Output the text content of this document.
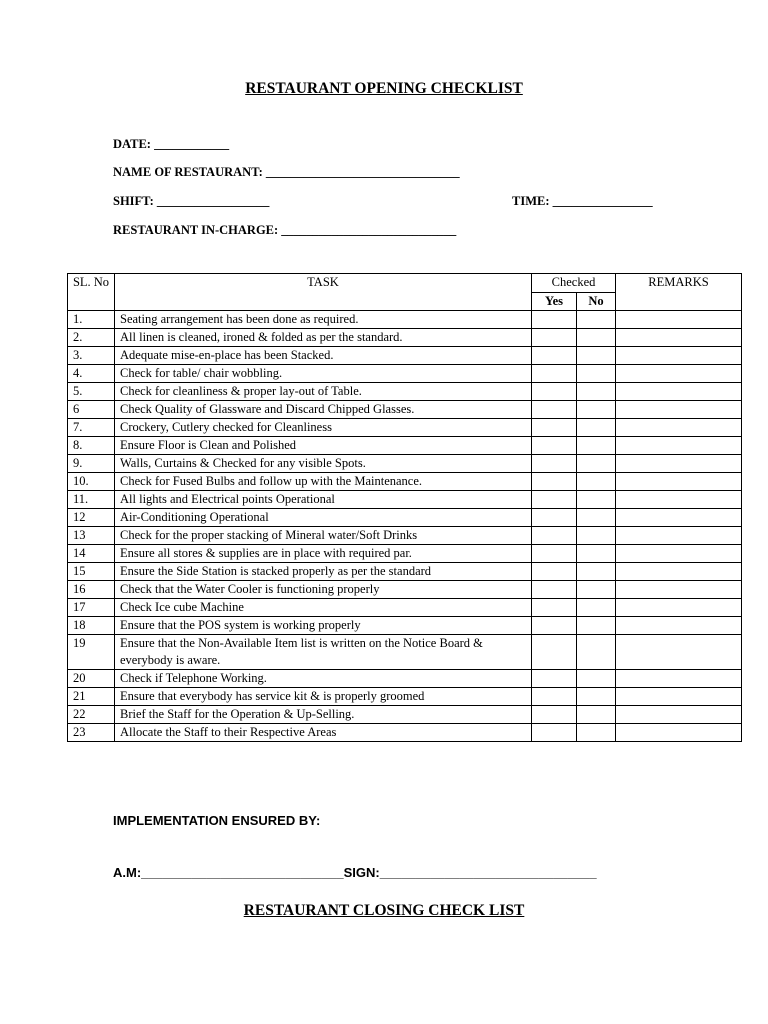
RESTAURANT OPENING CHECKLIST
DATE: ____________
NAME OF RESTAURANT: _______________________________
SHIFT: __________________	TIME: ________________
RESTAURANT IN-CHARGE: ____________________________
SL. No	TASK	Checked		REMARKS
		Yes	No	
1.	Seating arrangement has been done as required.			
2.	All linen is cleaned, ironed & folded as per the standard.			
3.	Adequate mise-en-place has been Stacked.			
4.	Check for table/ chair wobbling.			
5.	Check for cleanliness & proper lay-out of Table.			
6	Check Quality of Glassware and Discard Chipped Glasses.			
7.	Crockery, Cutlery checked for Cleanliness			
8.	Ensure Floor is Clean and Polished			
9.	Walls, Curtains & Checked for any visible Spots.			
10.	Check for Fused Bulbs and follow up with the Maintenance.			
11.	All lights and Electrical points Operational			
12	Air-Conditioning Operational			
13	Check for the proper stacking of Mineral water/Soft Drinks			
14	Ensure all stores & supplies are in place with required par.			
15	Ensure the Side Station is stacked properly as per the standard			
16	Check that the Water Cooler is functioning properly			
17	Check Ice cube Machine			
18	Ensure that the POS system is working properly			
19	Ensure that the Non-Available Item list is written on the Notice Board & everybody is aware.			
20	Check if Telephone Working.			
21	Ensure that everybody has service kit & is properly groomed			
22	Brief the Staff for the Operation & Up-Selling.			
23	Allocate the Staff to their Respective Areas			
IMPLEMENTATION ENSURED BY:
A.M:____________________________SIGN:______________________________
RESTAURANT CLOSING CHECK LIST
